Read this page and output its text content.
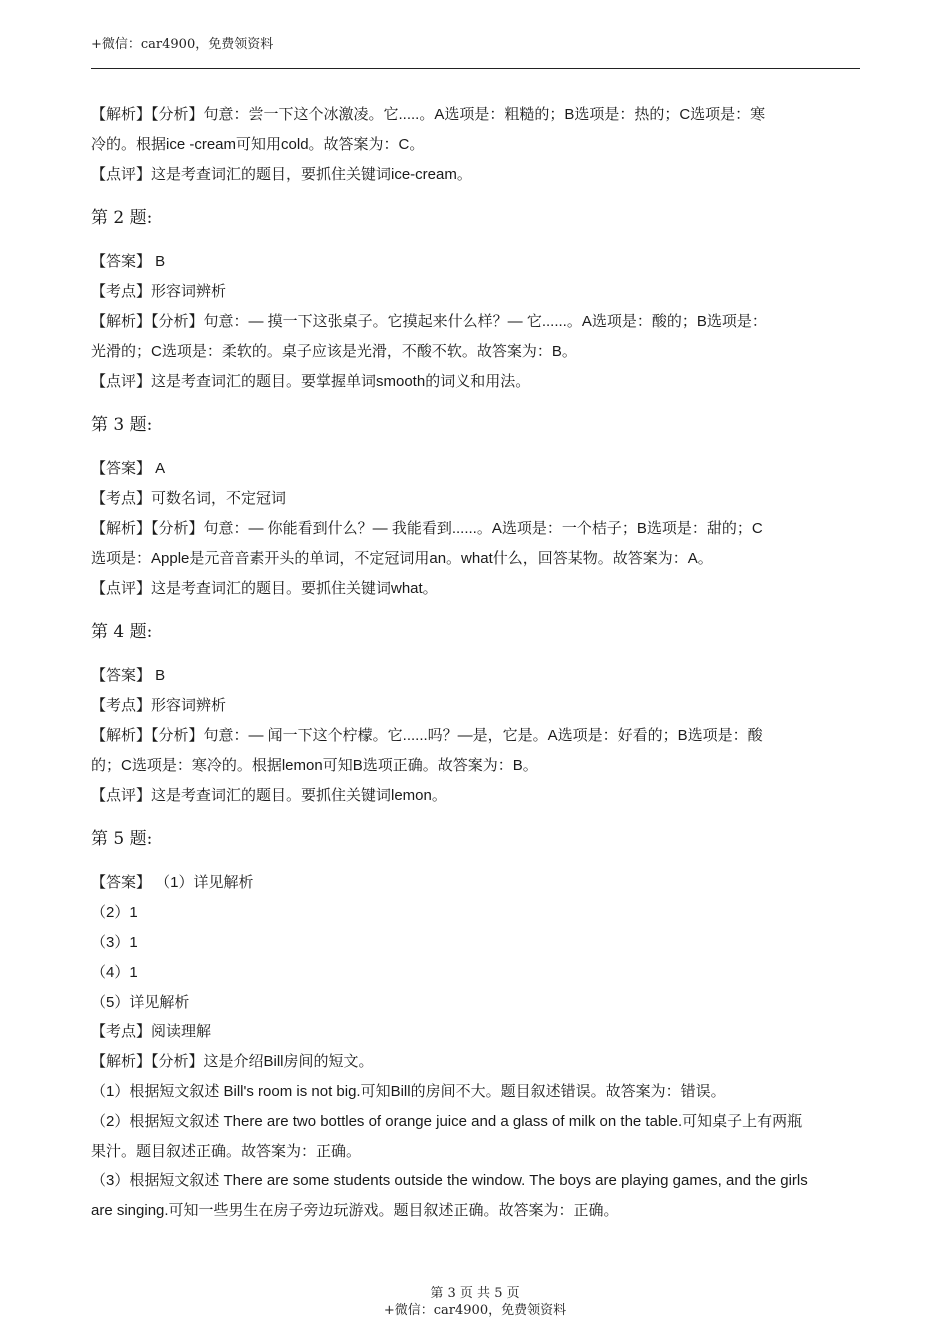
+微信：car4900，免费领资料
【解析】【分析】句意：尝一下这个冰激凌。它.....。A选项是：粗糙的；B选项是：热的；C选项是：寒
冷的。根据ice -cream可知用cold。故答案为：C。
【点评】这是考查词汇的题目，要抓住关键词ice-cream。
第 2 题:
【答案】 B
【考点】形容词辨析
【解析】【分析】句意：— 摸一下这张桌子。它摸起来什么样？— 它......。A选项是：酸的；B选项是：
光滑的；C选项是：柔软的。桌子应该是光滑，不酸不软。故答案为：B。
【点评】这是考查词汇的题目。要掌握单词smooth的词义和用法。
第 3 题:
【答案】 A
【考点】可数名词，不定冠词
【解析】【分析】句意：— 你能看到什么？— 我能看到......。A选项是：一个桔子；B选项是：甜的；C
选项是：Apple是元音音素开头的单词，不定冠词用an。what什么，回答某物。故答案为：A。
【点评】这是考查词汇的题目。要抓住关键词what。
第 4 题:
【答案】 B
【考点】形容词辨析
【解析】【分析】句意：— 闻一下这个柠檬。它......吗？—是，它是。A选项是：好看的；B选项是：酸
的；C选项是：寒冷的。根据lemon可知B选项正确。故答案为：B。
【点评】这是考查词汇的题目。要抓住关键词lemon。
第 5 题:
【答案】 （1）详见解析
（2）1
（3）1
（4）1
（5）详见解析
【考点】阅读理解
【解析】【分析】这是介绍Bill房间的短文。
（1）根据短文叙述 Bill's room is not big.可知Bill的房间不大。题目叙述错误。故答案为：错误。
（2）根据短文叙述 There are two bottles of orange juice and a glass of milk on the table.可知桌子上有两瓶
果汁。题目叙述正确。故答案为：正确。
（3）根据短文叙述 There are some students outside the window. The boys are playing games, and the girls
are singing.可知一些男生在房子旁边玩游戏。题目叙述正确。故答案为：正确。
第 3 页 共 5 页
+微信：car4900，免费领资料
